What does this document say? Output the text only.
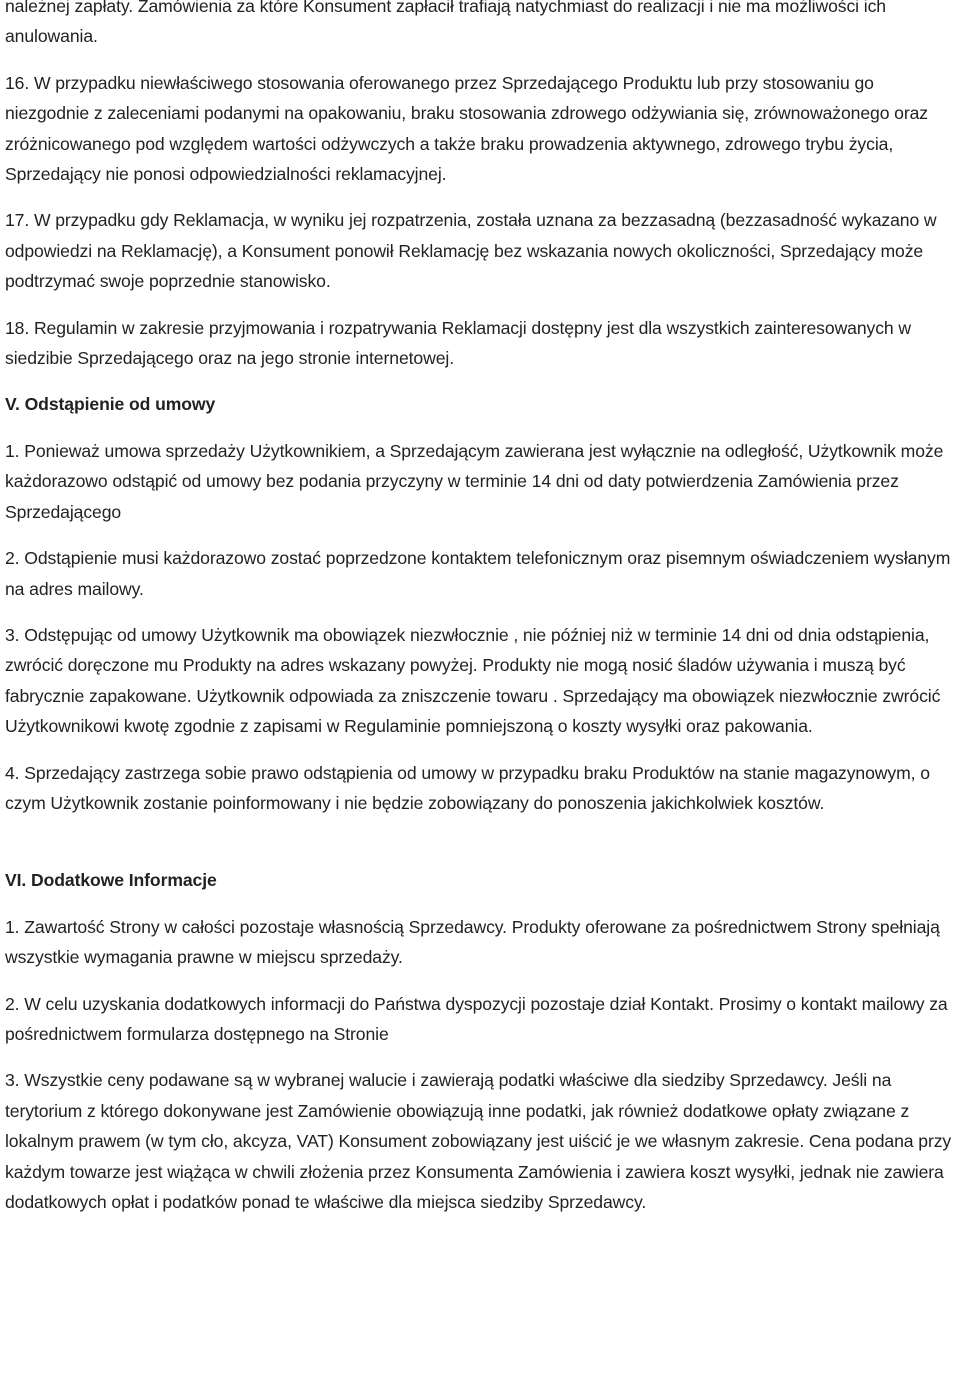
należnej zapłaty. Zamówienia za które Konsument zapłacił trafiają natychmiast do realizacji i nie ma możliwości ich anulowania.

16. W przypadku niewłaściwego stosowania oferowanego przez Sprzedającego Produktu lub przy stosowaniu go niezgodnie z zaleceniami podanymi na opakowaniu, braku stosowania zdrowego odżywiania się, zrównoważonego oraz zróżnicowanego pod względem wartości odżywczych a także braku prowadzenia aktywnego, zdrowego trybu życia, Sprzedający nie ponosi odpowiedzialności reklamacyjnej.

17. W przypadku gdy Reklamacja, w wyniku jej rozpatrzenia, została uznana za bezzasadną (bezzasadność wykazano w odpowiedzi na Reklamację), a Konsument ponowił Reklamację bez wskazania nowych okoliczności, Sprzedający może podtrzymać swoje poprzednie stanowisko.

18. Regulamin w zakresie przyjmowania i rozpatrywania Reklamacji dostępny jest dla wszystkich zainteresowanych w siedzibie Sprzedającego oraz na jego stronie internetowej.

V. Odstąpienie od umowy

1. Ponieważ umowa sprzedaży Użytkownikiem, a Sprzedającym zawierana jest wyłącznie na odległość, Użytkownik może każdorazowo odstąpić od umowy bez podania przyczyny w terminie 14 dni od daty potwierdzenia Zamówienia przez Sprzedającego

2. Odstąpienie musi każdorazowo zostać poprzedzone kontaktem telefonicznym oraz pisemnym oświadczeniem wysłanym na adres mailowy.

3. Odstępując od umowy Użytkownik ma obowiązek niezwłocznie , nie później niż w terminie 14 dni od dnia odstąpienia, zwrócić doręczone mu Produkty na adres wskazany powyżej. Produkty nie mogą nosić śladów używania i muszą być fabrycznie zapakowane. Użytkownik odpowiada za zniszczenie towaru . Sprzedający ma obowiązek niezwłocznie zwrócić Użytkownikowi kwotę zgodnie z zapisami w Regulaminie pomniejszoną o koszty wysyłki oraz pakowania.

4. Sprzedający zastrzega sobie prawo odstąpienia od umowy w przypadku braku Produktów na stanie magazynowym, o czym Użytkownik zostanie poinformowany i nie będzie zobowiązany do ponoszenia jakichkolwiek kosztów.

VI. Dodatkowe Informacje

1. Zawartość Strony w całości pozostaje własnością Sprzedawcy. Produkty oferowane za pośrednictwem Strony spełniają wszystkie wymagania prawne w miejscu sprzedaży.

2. W celu uzyskania dodatkowych informacji do Państwa dyspozycji pozostaje dział Kontakt. Prosimy o kontakt mailowy za pośrednictwem formularza dostępnego na Stronie

3. Wszystkie ceny podawane są w wybranej walucie i zawierają podatki właściwe dla siedziby Sprzedawcy. Jeśli na terytorium z którego dokonywane jest Zamówienie obowiązują inne podatki, jak również dodatkowe opłaty związane z lokalnym prawem (w tym cło, akcyza, VAT) Konsument zobowiązany jest uiścić je we własnym zakresie. Cena podana przy każdym towarze jest wiążąca w chwili złożenia przez Konsumenta Zamówienia i zawiera koszt wysyłki, jednak nie zawiera dodatkowych opłat i podatków ponad te właściwe dla miejsca siedziby Sprzedawcy.
